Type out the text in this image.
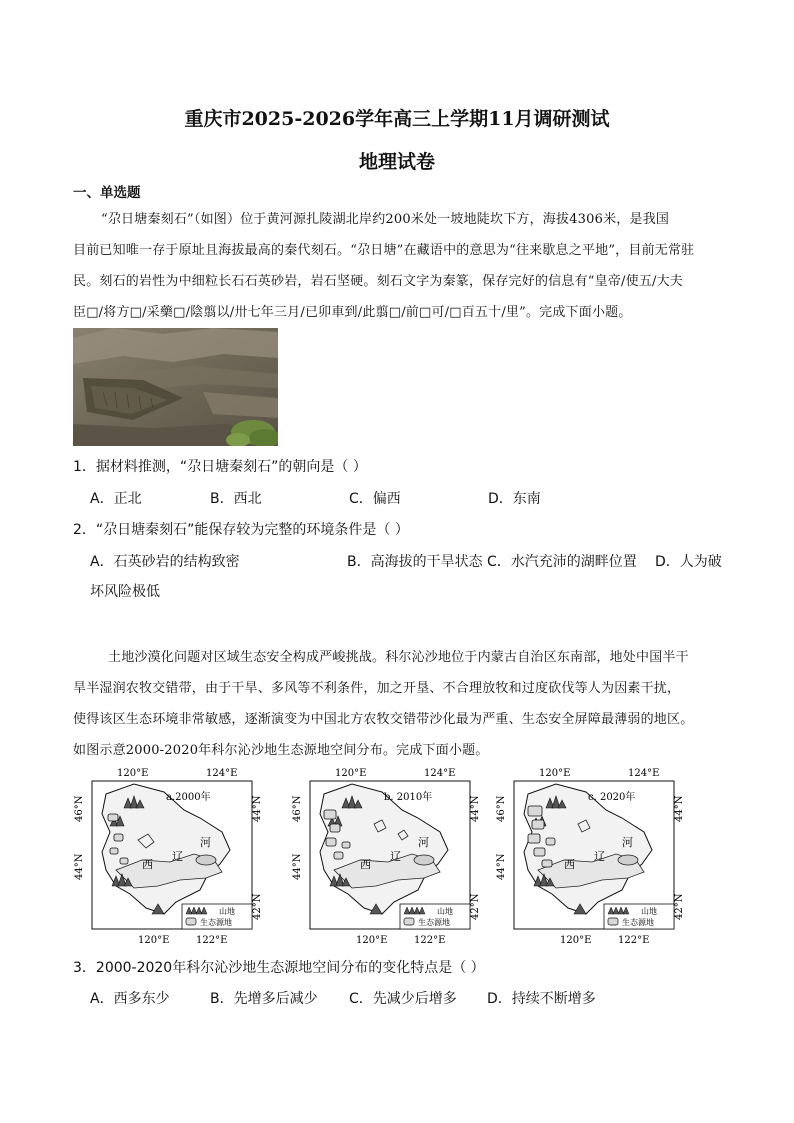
重庆市2025-2026学年高三上学期11月调研测试
地理试卷
一、单选题
“尕日塘秦刻石”（如图）位于黄河源扎陵湖北岸约200米处一坡地陡坎下方，海拔4306米，是我国
目前已知唯一存于原址且海拔最高的秦代刻石。“尕日塘”在藏语中的意思为“往来歇息之平地”，目前无常驻
民。刻石的岩性为中细粒长石石英砂岩，岩石坚硬。刻石文字为秦篆，保存完好的信息有“皇帝/使五/大夫
臣□/将方□/采藥□/陰翦以/卅七年三月/已卯車到/此翦□/前□可/□百五十/里”。完成下面小题。
1．据材料推测，“尕日塘秦刻石”的朝向是（ ）
A．正北	B．西北	C．偏西	D．东南
2．“尕日塘秦刻石”能保存较为完整的环境条件是（ ）
A．石英砂岩的结构致密	B．高海拔的干旱状态 C．水汽充沛的湖畔位置 D．人为破
坏风险极低
土地沙漠化问题对区域生态安全构成严峻挑战。科尔沁沙地位于内蒙古自治区东南部，地处中国半干
旱半湿润农牧交错带，由于干旱、多风等不利条件，加之开垦、不合理放牧和过度砍伐等人为因素干扰，
使得该区生态环境非常敏感，逐渐演变为中国北方农牧交错带沙化最为严重、生态安全屏障最薄弱的地区。
如图示意2000-2020年科尔沁沙地生态源地空间分布。完成下面小题。
a.2000年
西
辽
河
120°E	124°E
120°E	122°E
46°N
44°N
44°N
42°N
山地
生态源地
b. 2010年
西
辽
河
120°E	124°E
120°E	122°E
46°N
44°N
44°N
42°N
山地
生态源地
c. 2020年
西
辽
河
120°E	124°E
120°E	122°E
46°N
44°N
44°N
42°N
山地
生态源地
3．2000-2020年科尔沁沙地生态源地空间分布的变化特点是（ ）
A．西多东少	B．先增多后减少 C．先减少后增多 D．持续不断增多
